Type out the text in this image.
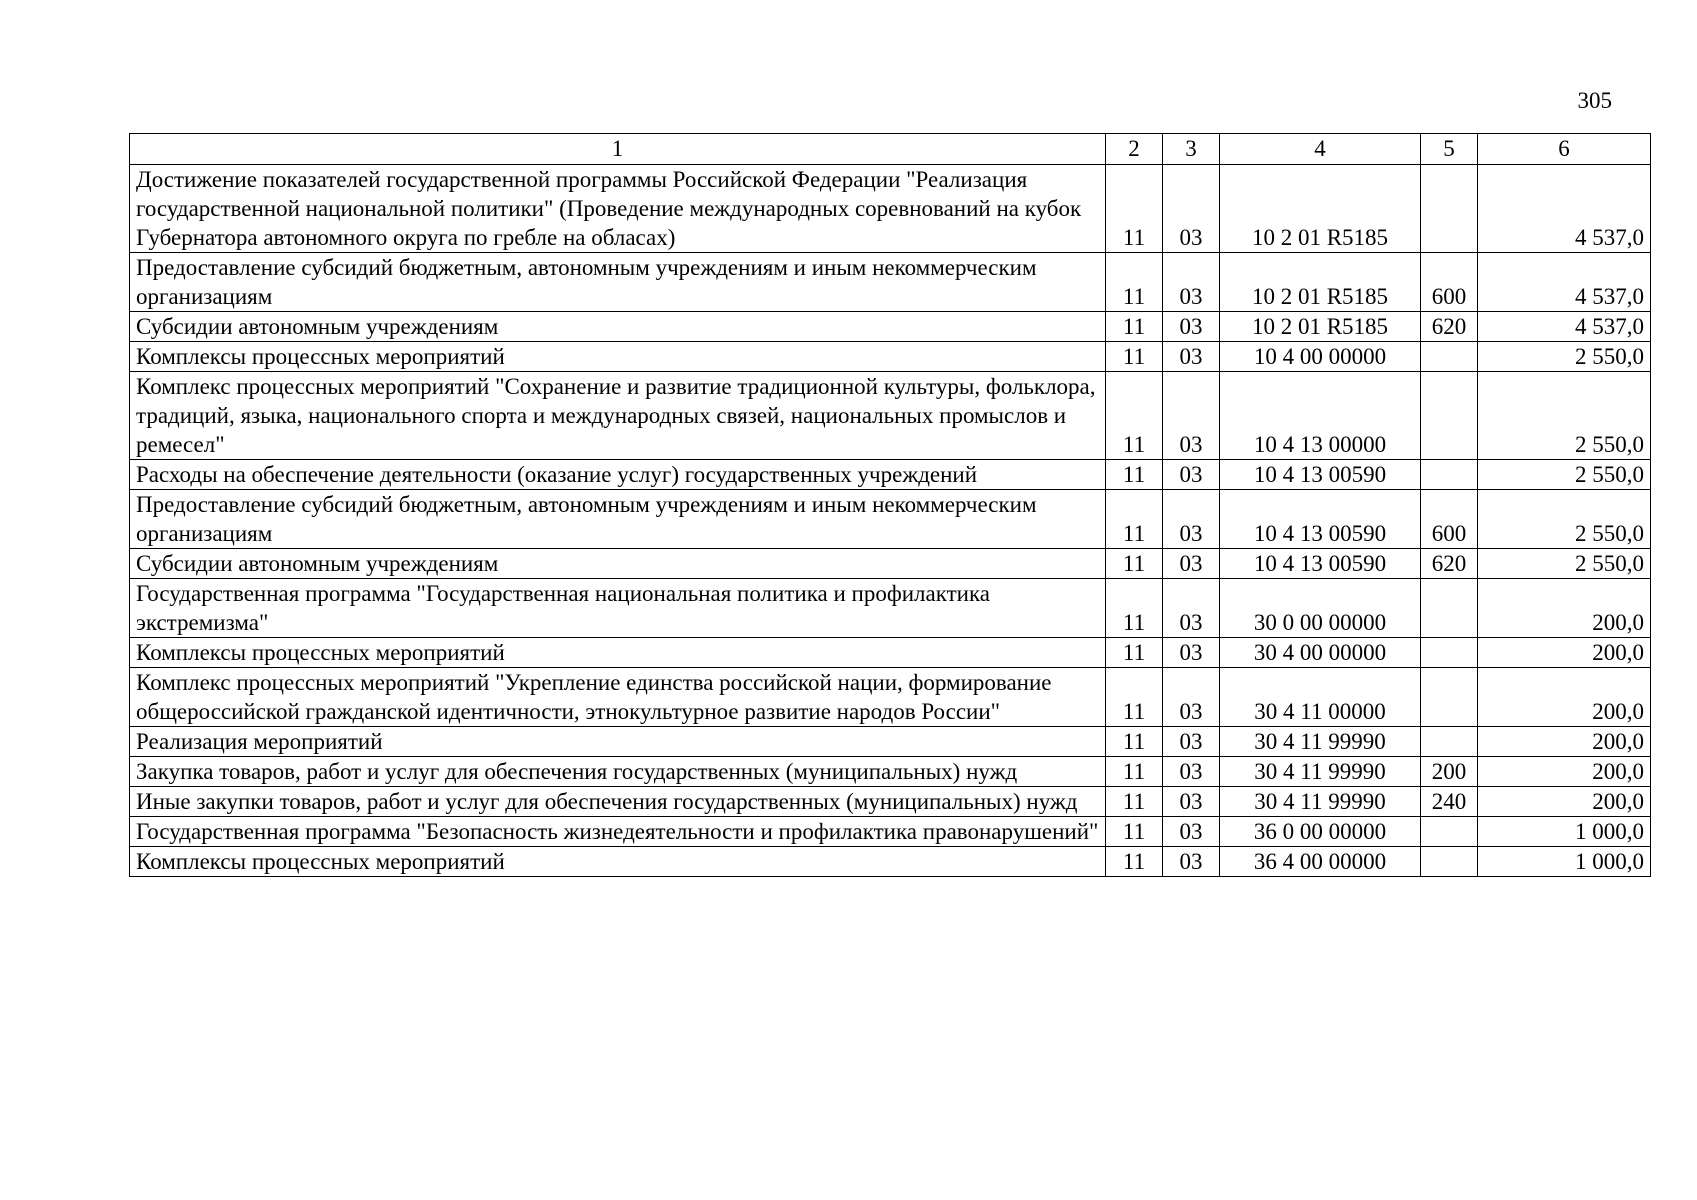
305
1	2	3	4	5	6
Достижение показателей государственной программы Российской Федерации "Реализация государственной национальной политики" (Проведение международных соревнований на кубок Губернатора автономного округа по гребле на обласах)	11	03	10 2 01 R5185		4 537,0
Предоставление субсидий бюджетным, автономным учреждениям и иным некоммерческим организациям	11	03	10 2 01 R5185	600	4 537,0
Субсидии автономным учреждениям	11	03	10 2 01 R5185	620	4 537,0
Комплексы процессных мероприятий	11	03	10 4 00 00000		2 550,0
Комплекс процессных мероприятий "Сохранение и развитие традиционной культуры, фольклора, традиций, языка, национального спорта и международных связей, национальных промыслов и ремесел"	11	03	10 4 13 00000		2 550,0
Расходы на обеспечение деятельности (оказание услуг) государственных учреждений	11	03	10 4 13 00590		2 550,0
Предоставление субсидий бюджетным, автономным учреждениям и иным некоммерческим организациям	11	03	10 4 13 00590	600	2 550,0
Субсидии автономным учреждениям	11	03	10 4 13 00590	620	2 550,0
Государственная программа "Государственная национальная политика и профилактика экстремизма"	11	03	30 0 00 00000		200,0
Комплексы процессных мероприятий	11	03	30 4 00 00000		200,0
Комплекс процессных мероприятий "Укрепление единства российской нации, формирование общероссийской гражданской идентичности, этнокультурное развитие народов России"	11	03	30 4 11 00000		200,0
Реализация мероприятий	11	03	30 4 11 99990		200,0
Закупка товаров, работ и услуг для обеспечения государственных (муниципальных) нужд	11	03	30 4 11 99990	200	200,0
Иные закупки товаров, работ и услуг для обеспечения государственных (муниципальных) нужд	11	03	30 4 11 99990	240	200,0
Государственная программа "Безопасность жизнедеятельности и профилактика правонарушений"	11	03	36 0 00 00000		1 000,0
Комплексы процессных мероприятий	11	03	36 4 00 00000		1 000,0
